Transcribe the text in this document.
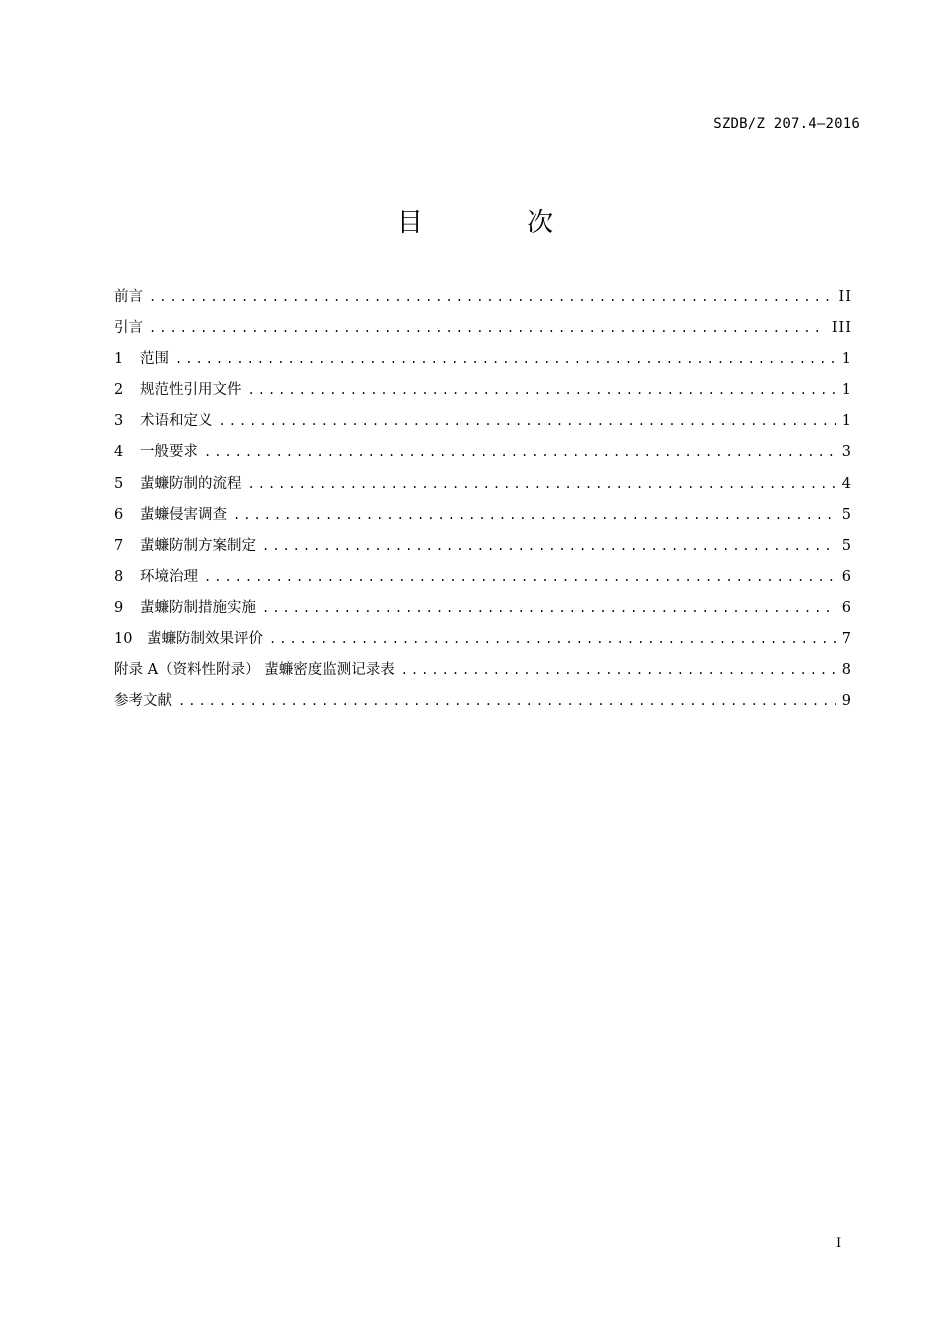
SZDB/Z 207.4—2016
目 次
前言 .....	II
引言 .....	III
1	范围 .....	1
2	规范性引用文件 .....	1
3	术语和定义 .....	1
4	一般要求 .....	3
5	蜚蠊防制的流程 .....	4
6	蜚蠊侵害调查 .....	5
7	蜚蠊防制方案制定 .....	5
8	环境治理 .....	6
9	蜚蠊防制措施实施 .....	6
10	蜚蠊防制效果评价 .....	7
附录 A（资料性附录） 蜚蠊密度监测记录表 .....	8
参考文献 .....	9
I
